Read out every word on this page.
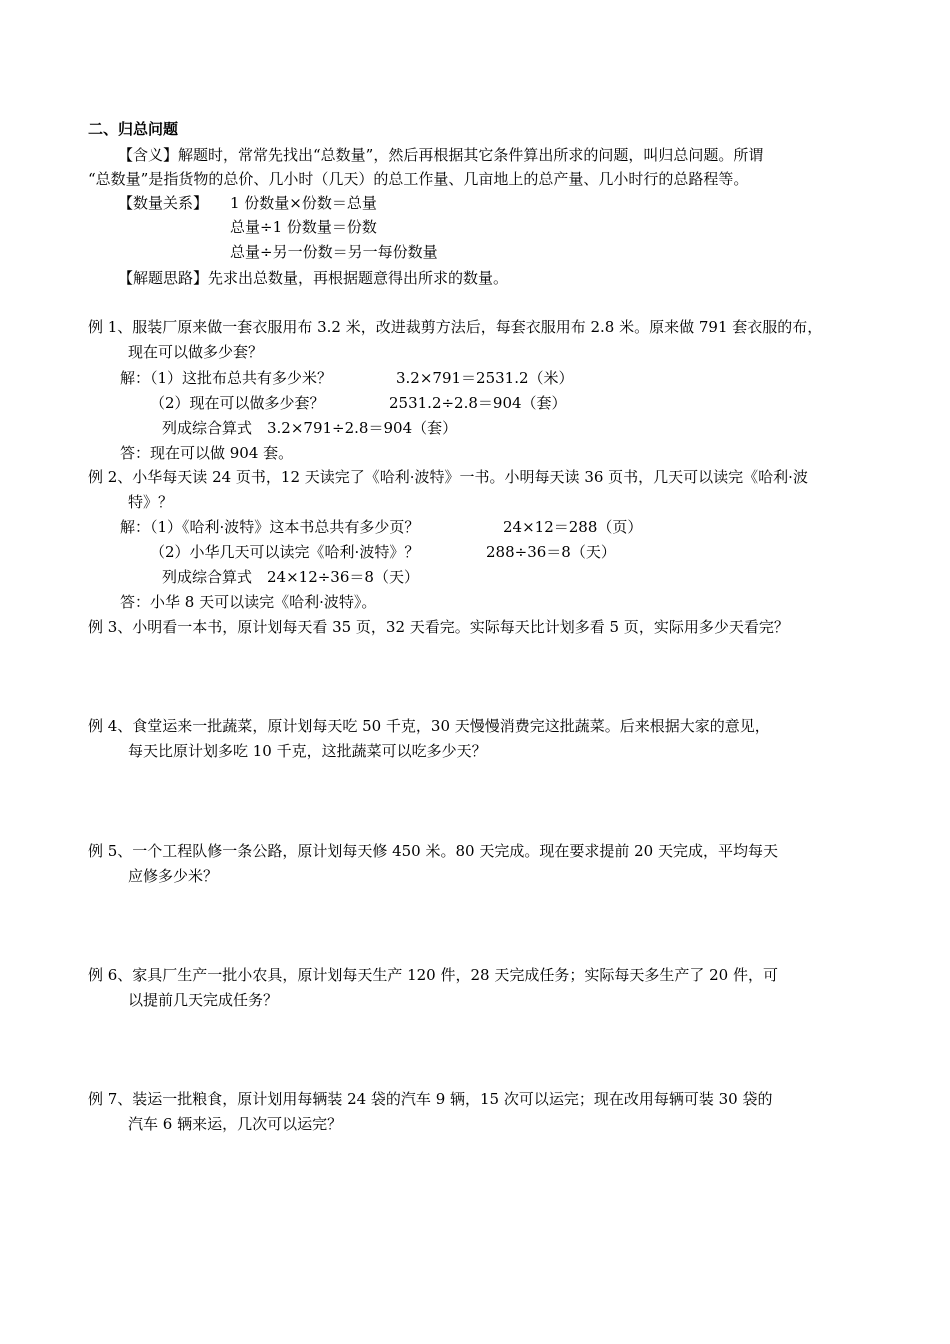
二、归总问题
【含义】解题时，常常先找出“总数量”，然后再根据其它条件算出所求的问题，叫归总问题。所谓
“总数量”是指货物的总价、几小时（几天）的总工作量、几亩地上的总产量、几小时行的总路程等。
【数量关系】 1 份数量×份数＝总量
总量÷1 份数量＝份数
总量÷另一份数＝另一每份数量
【解题思路】先求出总数量，再根据题意得出所求的数量。
例 1、服装厂原来做一套衣服用布 3.2 米，改进裁剪方法后，每套衣服用布 2.8 米。原来做 791 套衣服的布，
现在可以做多少套？
解：（1）这批布总共有多少米？	3.2×791＝2531.2（米）
（2）现在可以做多少套？	2531.2÷2.8＝904（套）
列成综合算式　3.2×791÷2.8＝904（套）
答：现在可以做 904 套。
例 2、小华每天读 24 页书，12 天读完了《哈利·波特》一书。小明每天读 36 页书，几天可以读完《哈利·波
特》？
解：（1）《哈利·波特》这本书总共有多少页？	24×12＝288（页）
（2）小华几天可以读完《哈利·波特》？	288÷36＝8（天）
列成综合算式　24×12÷36＝8（天）
答：小华 8 天可以读完《哈利·波特》。
例 3、小明看一本书，原计划每天看 35 页，32 天看完。实际每天比计划多看 5 页，实际用多少天看完？
例 4、食堂运来一批蔬菜，原计划每天吃 50 千克，30 天慢慢消费完这批蔬菜。后来根据大家的意见，
每天比原计划多吃 10 千克，这批蔬菜可以吃多少天？
例 5、一个工程队修一条公路，原计划每天修 450 米。80 天完成。现在要求提前 20 天完成，平均每天
应修多少米？
例 6、家具厂生产一批小农具，原计划每天生产 120 件，28 天完成任务；实际每天多生产了 20 件，可
以提前几天完成任务？
例 7、装运一批粮食，原计划用每辆装 24 袋的汽车 9 辆，15 次可以运完；现在改用每辆可装 30 袋的
汽车 6 辆来运，几次可以运完？
